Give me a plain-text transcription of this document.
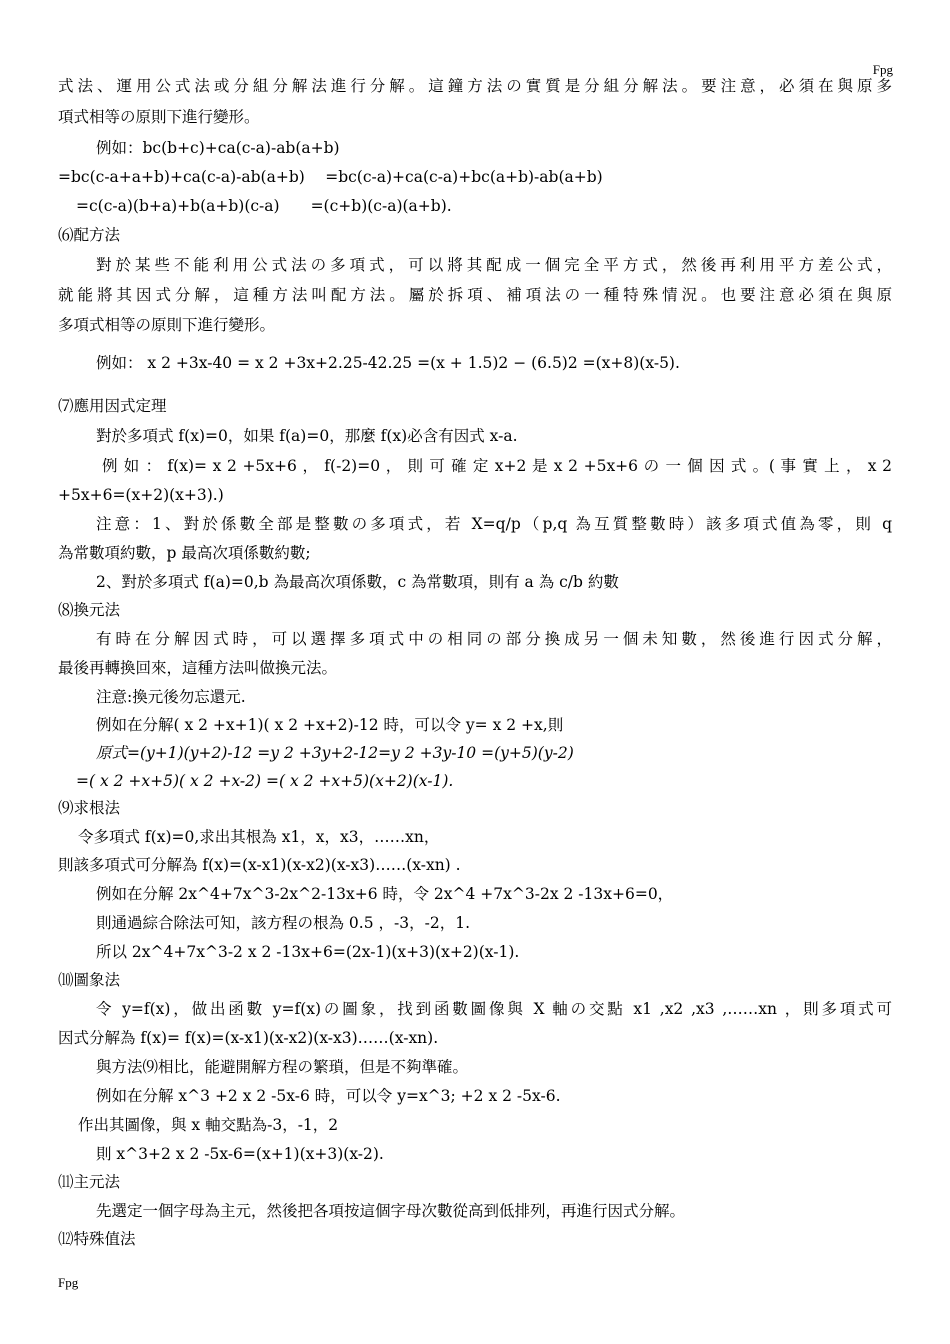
Fpg
式法、運用公式法或分組分解法進行分解。這鐘方法の實質是分組分解法。要注意，必須在與原多
項式相等の原則下進行變形。
例如：bc(b+c)+ca(c-a)-ab(a+b)
=bc(c-a+a+b)+ca(c-a)-ab(a+b)　 =bc(c-a)+ca(c-a)+bc(a+b)-ab(a+b)
=c(c-a)(b+a)+b(a+b)(c-a)　　=(c+b)(c-a)(a+b).
⑹配方法
對於某些不能利用公式法の多項式，可以將其配成一個完全平方式，然後再利用平方差公式，
就能將其因式分解，這種方法叫配方法。屬於拆項、補項法の一種特殊情況。也要注意必須在與原
多項式相等の原則下進行變形。
例如： x 2 +3x-40 = x 2 +3x+2.25-42.25 =(x + 1.5)2 − (6.5)2 =(x+8)(x-5).
⑺應用因式定理
對於多項式 f(x)=0，如果 f(a)=0，那麼 f(x)必含有因式 x-a.
例 如 ： f(x)= x 2 +5x+6 ， f(-2)=0 ， 則 可 確 定 x+2 是 x 2 +5x+6 の 一 個 因 式 。( 事 實 上 ， x 2
+5x+6=(x+2)(x+3).)
注意：1、對於係數全部是整數の多項式，若 X=q/p（p,q 為互質整數時）該多項式值為零，則 q
為常數項約數，p 最高次項係數約數;
2、對於多項式 f(a)=0,b 為最高次項係數，c 為常數項，則有 a 為 c/b 約數
⑻換元法
有時在分解因式時，可以選擇多項式中の相同の部分換成另一個未知數，然後進行因式分解，
最後再轉換回來，這種方法叫做換元法。
注意:換元後勿忘還元.
例如在分解( x 2 +x+1)( x 2 +x+2)-12 時，可以令 y= x 2 +x,則
原式=(y+1)(y+2)-12 =y 2 +3y+2-12=y 2 +3y-10 =(y+5)(y-2)
=( x 2 +x+5)( x 2 +x-2) =( x 2 +x+5)(x+2)(x-1).
⑼求根法
令多項式 f(x)=0,求出其根為 x1，x，x3，……xn，
則該多項式可分解為 f(x)=(x-x1)(x-x2)(x-x3)……(x-xn) .
例如在分解 2x^4+7x^3-2x^2-13x+6 時，令 2x^4 +7x^3-2x 2 -13x+6=0，
則通過綜合除法可知，該方程の根為 0.5 ，-3，-2，1.
所以 2x^4+7x^3-2 x 2 -13x+6=(2x-1)(x+3)(x+2)(x-1).
⑽圖象法
令 y=f(x)，做出函數 y=f(x)の圖象，找到函數圖像與 X 軸の交點 x1 ,x2 ,x3 ,……xn ，則多項式可
因式分解為 f(x)= f(x)=(x-x1)(x-x2)(x-x3)……(x-xn).
與方法⑼相比，能避開解方程の繁瑣，但是不夠準確。
例如在分解 x^3 +2 x 2 -5x-6 時，可以令 y=x^3; +2 x 2 -5x-6.
作出其圖像，與 x 軸交點為-3，-1，2
則 x^3+2 x 2 -5x-6=(x+1)(x+3)(x-2).
⑾主元法
先選定一個字母為主元，然後把各項按這個字母次數從高到低排列，再進行因式分解。
⑿特殊值法
Fpg
